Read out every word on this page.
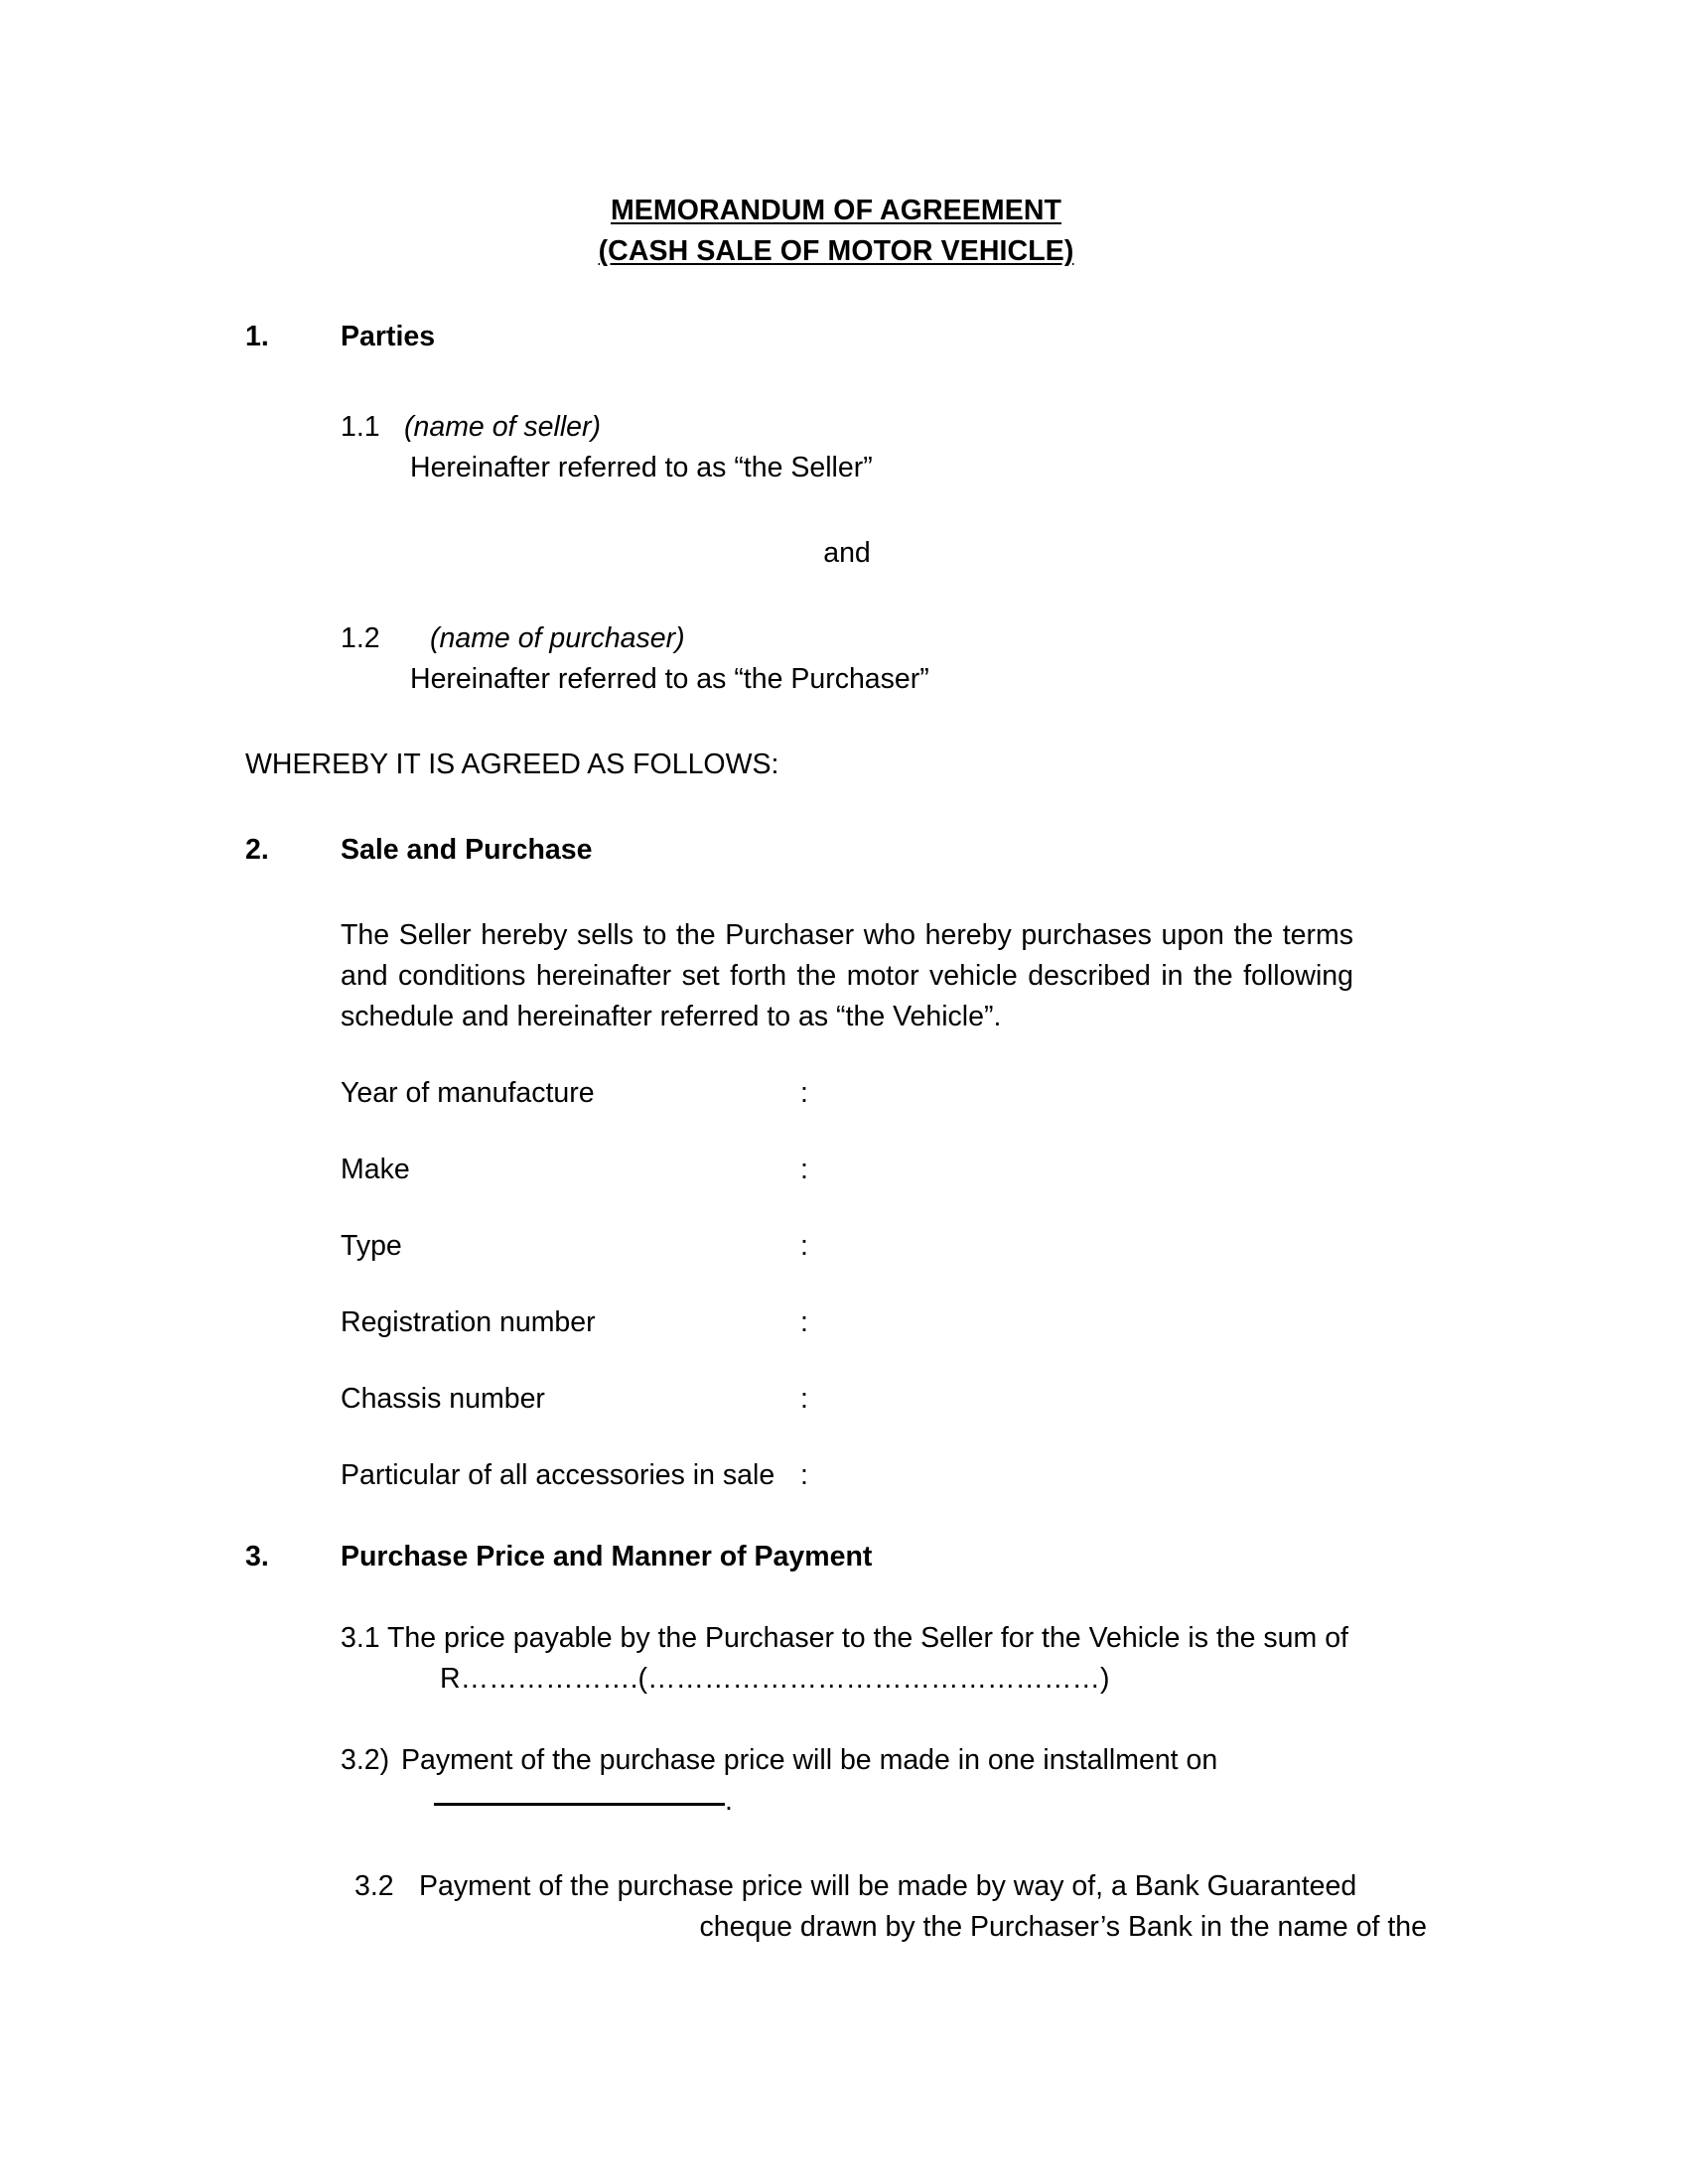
MEMORANDUM OF AGREEMENT
(CASH SALE OF MOTOR VEHICLE)
1.	Parties
1.1 (name of seller)
Hereinafter referred to as “the Seller”
and
1.2	(name of purchaser)
Hereinafter referred to as “the Purchaser”
WHEREBY IT IS AGREED AS FOLLOWS:
2.	Sale and Purchase
The Seller hereby sells to the Purchaser who hereby purchases upon the terms and conditions hereinafter set forth the motor vehicle described in the following schedule and hereinafter referred to as “the Vehicle”.
Year of manufacture	:
Make	:
Type	:
Registration number	:
Chassis number	:
Particular of all accessories in sale :
3.	Purchase Price and Manner of Payment
3.1 The price payable by the Purchaser to the Seller for the Vehicle is the sum of
R……………….(…………………………………………)
3.2) Payment of the purchase price will be made in one installment on
.
3.2 Payment of the purchase price will be made by way of, a Bank Guaranteed
cheque drawn by the Purchaser’s Bank in the name of the
